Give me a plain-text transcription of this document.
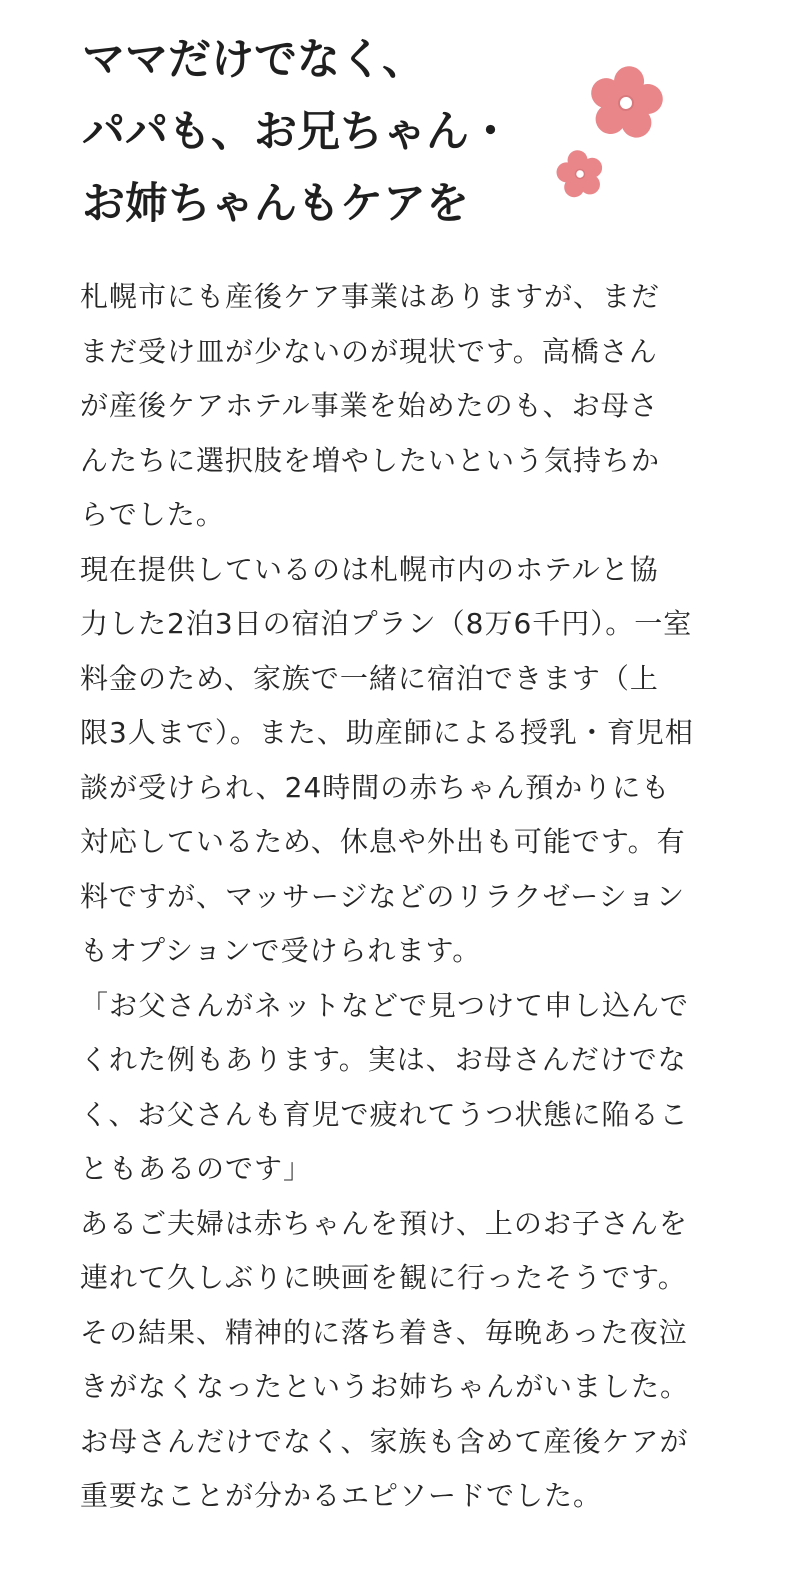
ママだけでなく、
パパも、お兄ちゃん・
お姉ちゃんもケアを
札幌市にも産後ケア事業はありますが、まだ
まだ受け皿が少ないのが現状です。高橋さん
が産後ケアホテル事業を始めたのも、お母さ
んたちに選択肢を増やしたいという気持ちか
らでした。
現在提供しているのは札幌市内のホテルと協
力した2泊3日の宿泊プラン（8万6千円）。一室
料金のため、家族で一緒に宿泊できます（上
限3人まで）。また、助産師による授乳・育児相
談が受けられ、24時間の赤ちゃん預かりにも
対応しているため、休息や外出も可能です。有
料ですが、マッサージなどのリラクゼーション
もオプションで受けられます。
「お父さんがネットなどで見つけて申し込んで
くれた例もあります。実は、お母さんだけでな
く、お父さんも育児で疲れてうつ状態に陥るこ
ともあるのです」
あるご夫婦は赤ちゃんを預け、上のお子さんを
連れて久しぶりに映画を観に行ったそうです。
その結果、精神的に落ち着き、毎晩あった夜泣
きがなくなったというお姉ちゃんがいました。
お母さんだけでなく、家族も含めて産後ケアが
重要なことが分かるエピソードでした。
